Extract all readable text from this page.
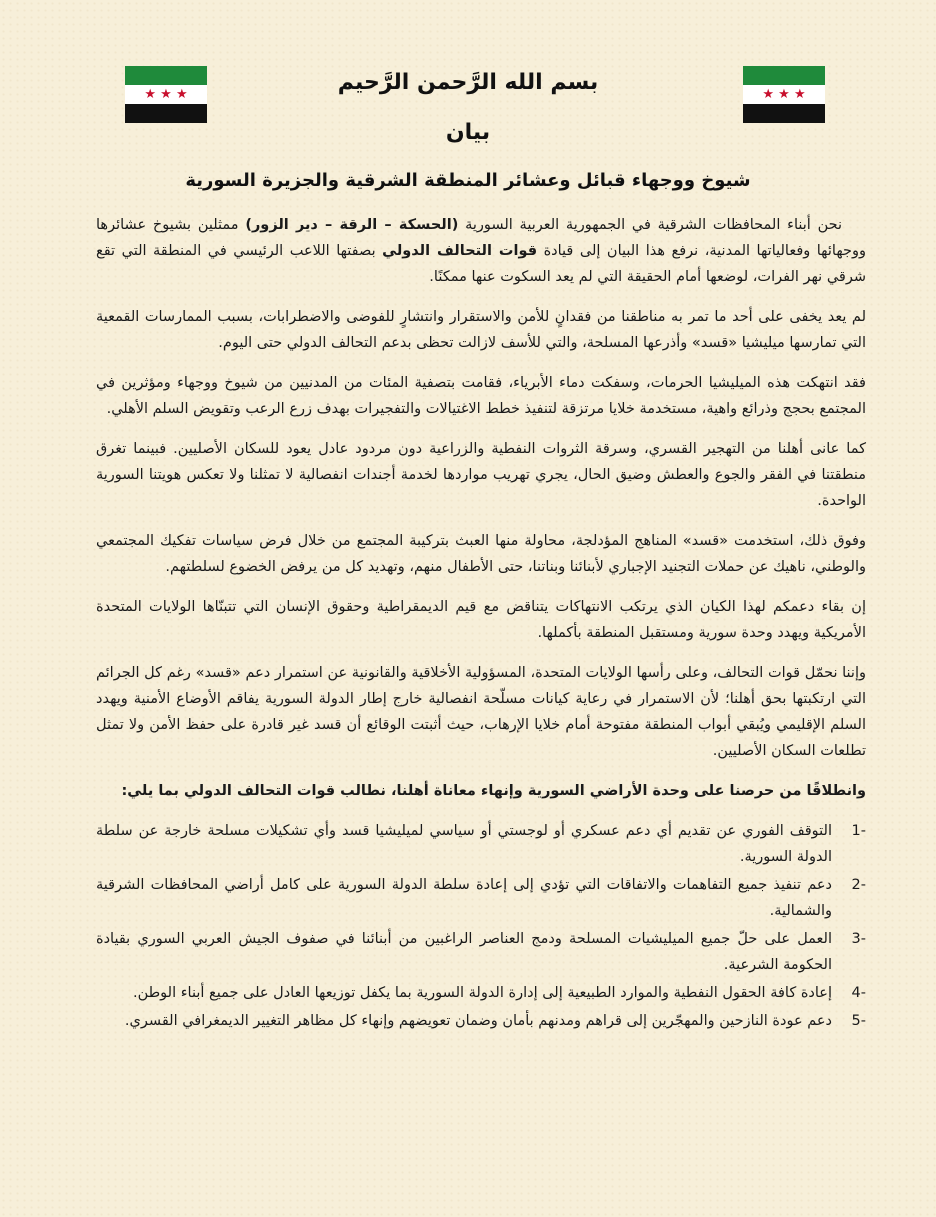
★ ★ ★
★ ★ ★	بسم الله الرَّحمن الرَّحيم
بيان
شيوخ ووجهاء قبائل وعشائر المنطقة الشرقية والجزيرة السورية

نحن أبناء المحافظات الشرقية في الجمهورية العربية السورية (الحسكة – الرقة – دير الزور) ممثلين بشيوخ عشائرها ووجهائها وفعالياتها المدنية، نرفع هذا البيان إلى قيادة قوات التحالف الدولي بصفتها اللاعب الرئيسي في المنطقة التي تقع شرقي نهر الفرات، لوضعها أمام الحقيقة التي لم يعد السكوت عنها ممكنًا.

لم يعد يخفى على أحد ما تمر به مناطقنا من فقدانٍ للأمن والاستقرار وانتشارٍ للفوضى والاضطرابات، بسبب الممارسات القمعية التي تمارسها ميليشيا «قسد» وأذرعها المسلحة، والتي للأسف لازالت تحظى بدعم التحالف الدولي حتى اليوم.

فقد انتهكت هذه الميليشيا الحرمات، وسفكت دماء الأبرياء، فقامت بتصفية المئات من المدنيين من شيوخ ووجهاء ومؤثرين في المجتمع بحجج وذرائع واهية، مستخدمة خلايا مرتزقة لتنفيذ خطط الاغتيالات والتفجيرات بهدف زرع الرعب وتقويض السلم الأهلي.

كما عانى أهلنا من التهجير القسري، وسرقة الثروات النفطية والزراعية دون مردود عادل يعود للسكان الأصليين. فبينما تغرق منطقتنا في الفقر والجوع والعطش وضيق الحال، يجري تهريب مواردها لخدمة أجندات انفصالية لا تمثلنا ولا تعكس هويتنا السورية الواحدة.

وفوق ذلك، استخدمت «قسد» المناهج المؤدلجة، محاولة منها العبث بتركيبة المجتمع من خلال فرض سياسات تفكيك المجتمعي والوطني، ناهيك عن حملات التجنيد الإجباري لأبنائنا وبناتنا، حتى الأطفال منهم، وتهديد كل من يرفض الخضوع لسلطتهم.

إن بقاء دعمكم لهذا الكيان الذي يرتكب الانتهاكات يتناقض مع قيم الديمقراطية وحقوق الإنسان التي تتبنّاها الولايات المتحدة الأمريكية ويهدد وحدة سورية ومستقبل المنطقة بأكملها.

وإننا نحمّل قوات التحالف، وعلى رأسها الولايات المتحدة، المسؤولية الأخلاقية والقانونية عن استمرار دعم «قسد» رغم كل الجرائم التي ارتكبتها بحق أهلنا؛ لأن الاستمرار في رعاية كيانات مسلّحة انفصالية خارج إطار الدولة السورية يفاقم الأوضاع الأمنية ويهدد السلم الإقليمي ويُبقي أبواب المنطقة مفتوحة أمام خلايا الإرهاب، حيث أثبتت الوقائع أن قسد غير قادرة على حفظ الأمن ولا تمثل تطلعات السكان الأصليين.

وانطلاقًا من حرصنا على وحدة الأراضي السورية وإنهاء معاناة أهلنا، نطالب قوات التحالف الدولي بما يلي:

-1
التوقف الفوري عن تقديم أي دعم عسكري أو لوجستي أو سياسي لميليشيا قسد وأي تشكيلات مسلحة خارجة عن سلطة الدولة السورية.
-2
دعم تنفيذ جميع التفاهمات والاتفاقات التي تؤدي إلى إعادة سلطة الدولة السورية على كامل أراضي المحافظات الشرقية والشمالية.
-3
العمل على حلّ جميع الميليشيات المسلحة ودمج العناصر الراغبين من أبنائنا في صفوف الجيش العربي السوري بقيادة الحكومة الشرعية.
-4
إعادة كافة الحقول النفطية والموارد الطبيعية إلى إدارة الدولة السورية بما يكفل توزيعها العادل على جميع أبناء الوطن.
-5
دعم عودة النازحين والمهجّرين إلى قراهم ومدنهم بأمان وضمان تعويضهم وإنهاء كل مظاهر التغيير الديمغرافي القسري.
